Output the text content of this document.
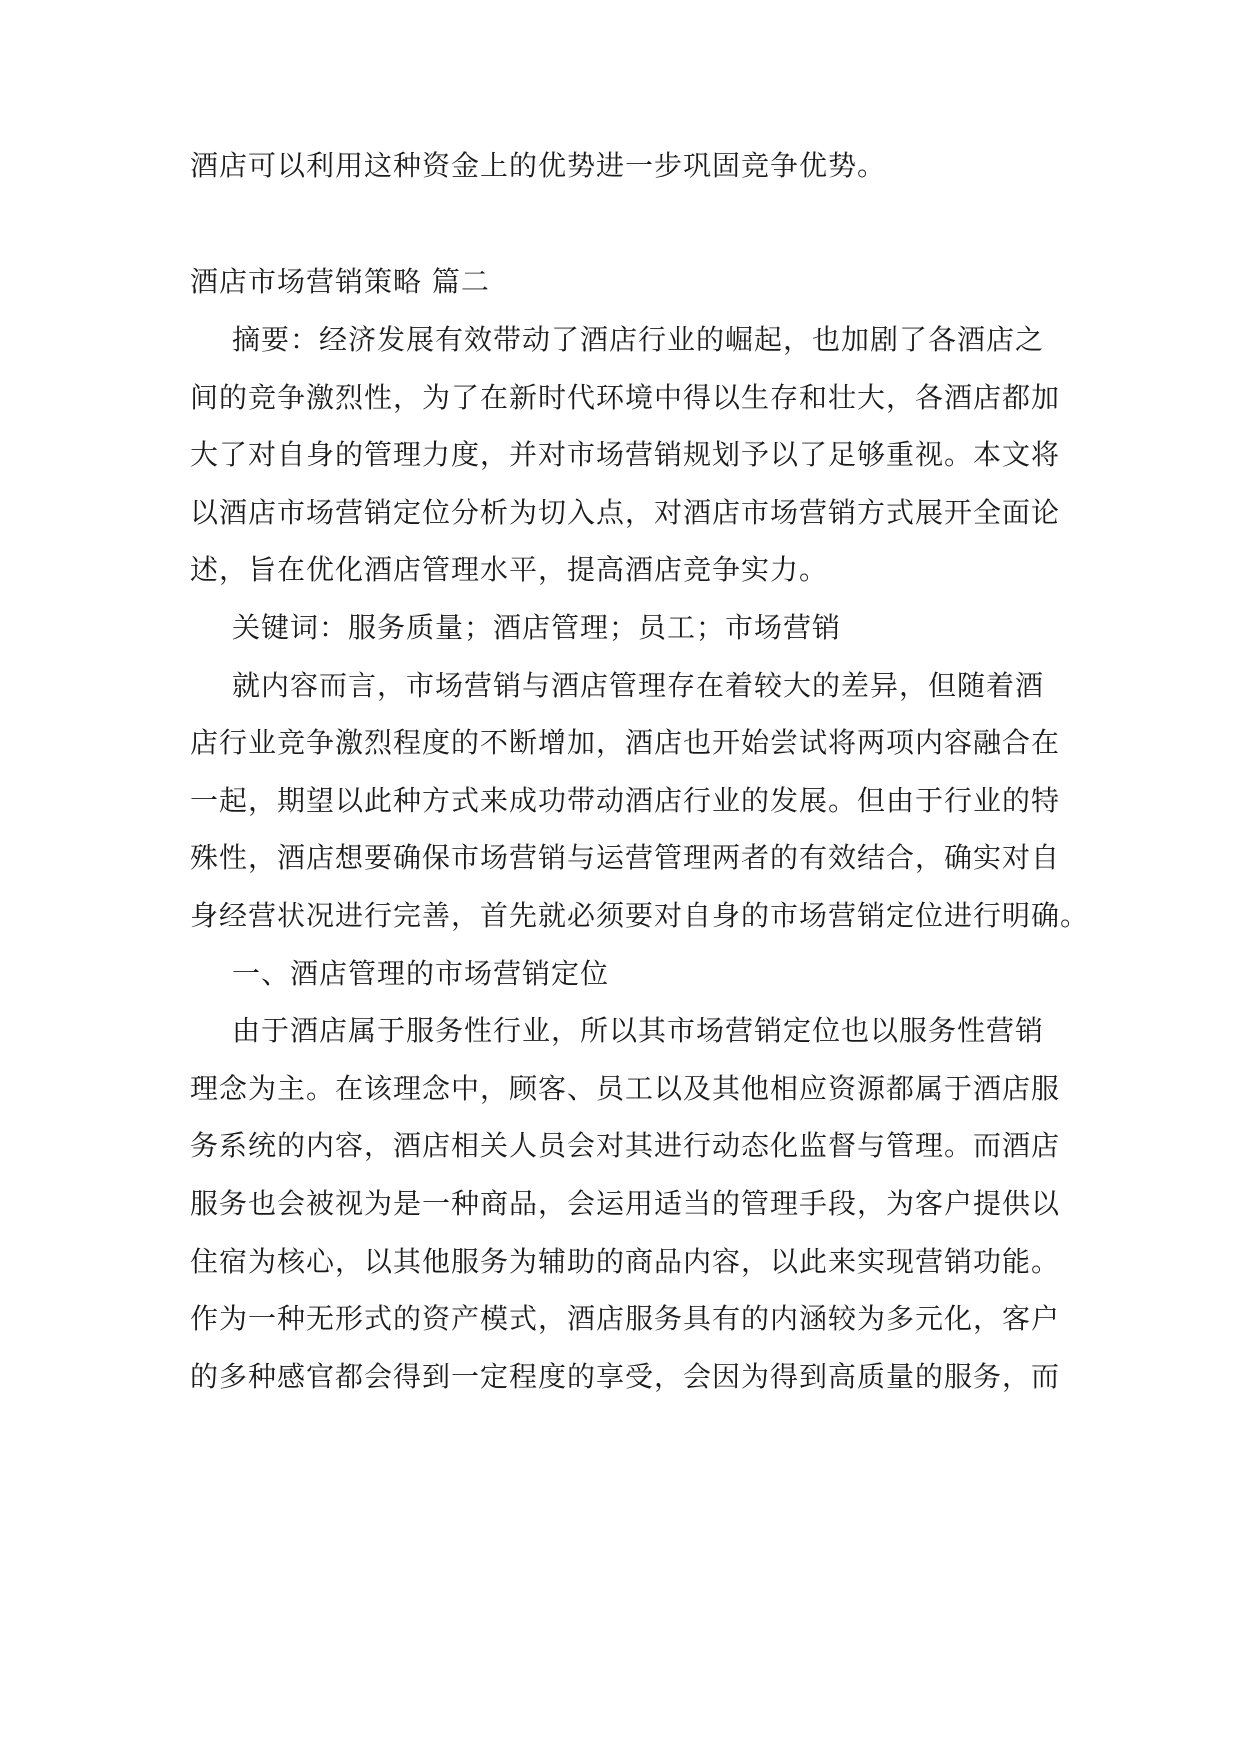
酒店可以利用这种资金上的优势进一步巩固竞争优势。

酒店市场营销策略 篇二

摘要：经济发展有效带动了酒店行业的崛起，也加剧了各酒店之

间的竞争激烈性，为了在新时代环境中得以生存和壮大，各酒店都加

大了对自身的管理力度，并对市场营销规划予以了足够重视。本文将

以酒店市场营销定位分析为切入点，对酒店市场营销方式展开全面论

述，旨在优化酒店管理水平，提高酒店竞争实力。

关键词：服务质量；酒店管理；员工；市场营销

就内容而言，市场营销与酒店管理存在着较大的差异，但随着酒

店行业竞争激烈程度的不断增加，酒店也开始尝试将两项内容融合在

一起，期望以此种方式来成功带动酒店行业的发展。但由于行业的特

殊性，酒店想要确保市场营销与运营管理两者的有效结合，确实对自

身经营状况进行完善，首先就必须要对自身的市场营销定位进行明确。

一、酒店管理的市场营销定位

由于酒店属于服务性行业，所以其市场营销定位也以服务性营销

理念为主。在该理念中，顾客、员工以及其他相应资源都属于酒店服

务系统的内容，酒店相关人员会对其进行动态化监督与管理。而酒店

服务也会被视为是一种商品，会运用适当的管理手段，为客户提供以

住宿为核心，以其他服务为辅助的商品内容，以此来实现营销功能。

作为一种无形式的资产模式，酒店服务具有的内涵较为多元化，客户

的多种感官都会得到一定程度的享受，会因为得到高质量的服务，而
